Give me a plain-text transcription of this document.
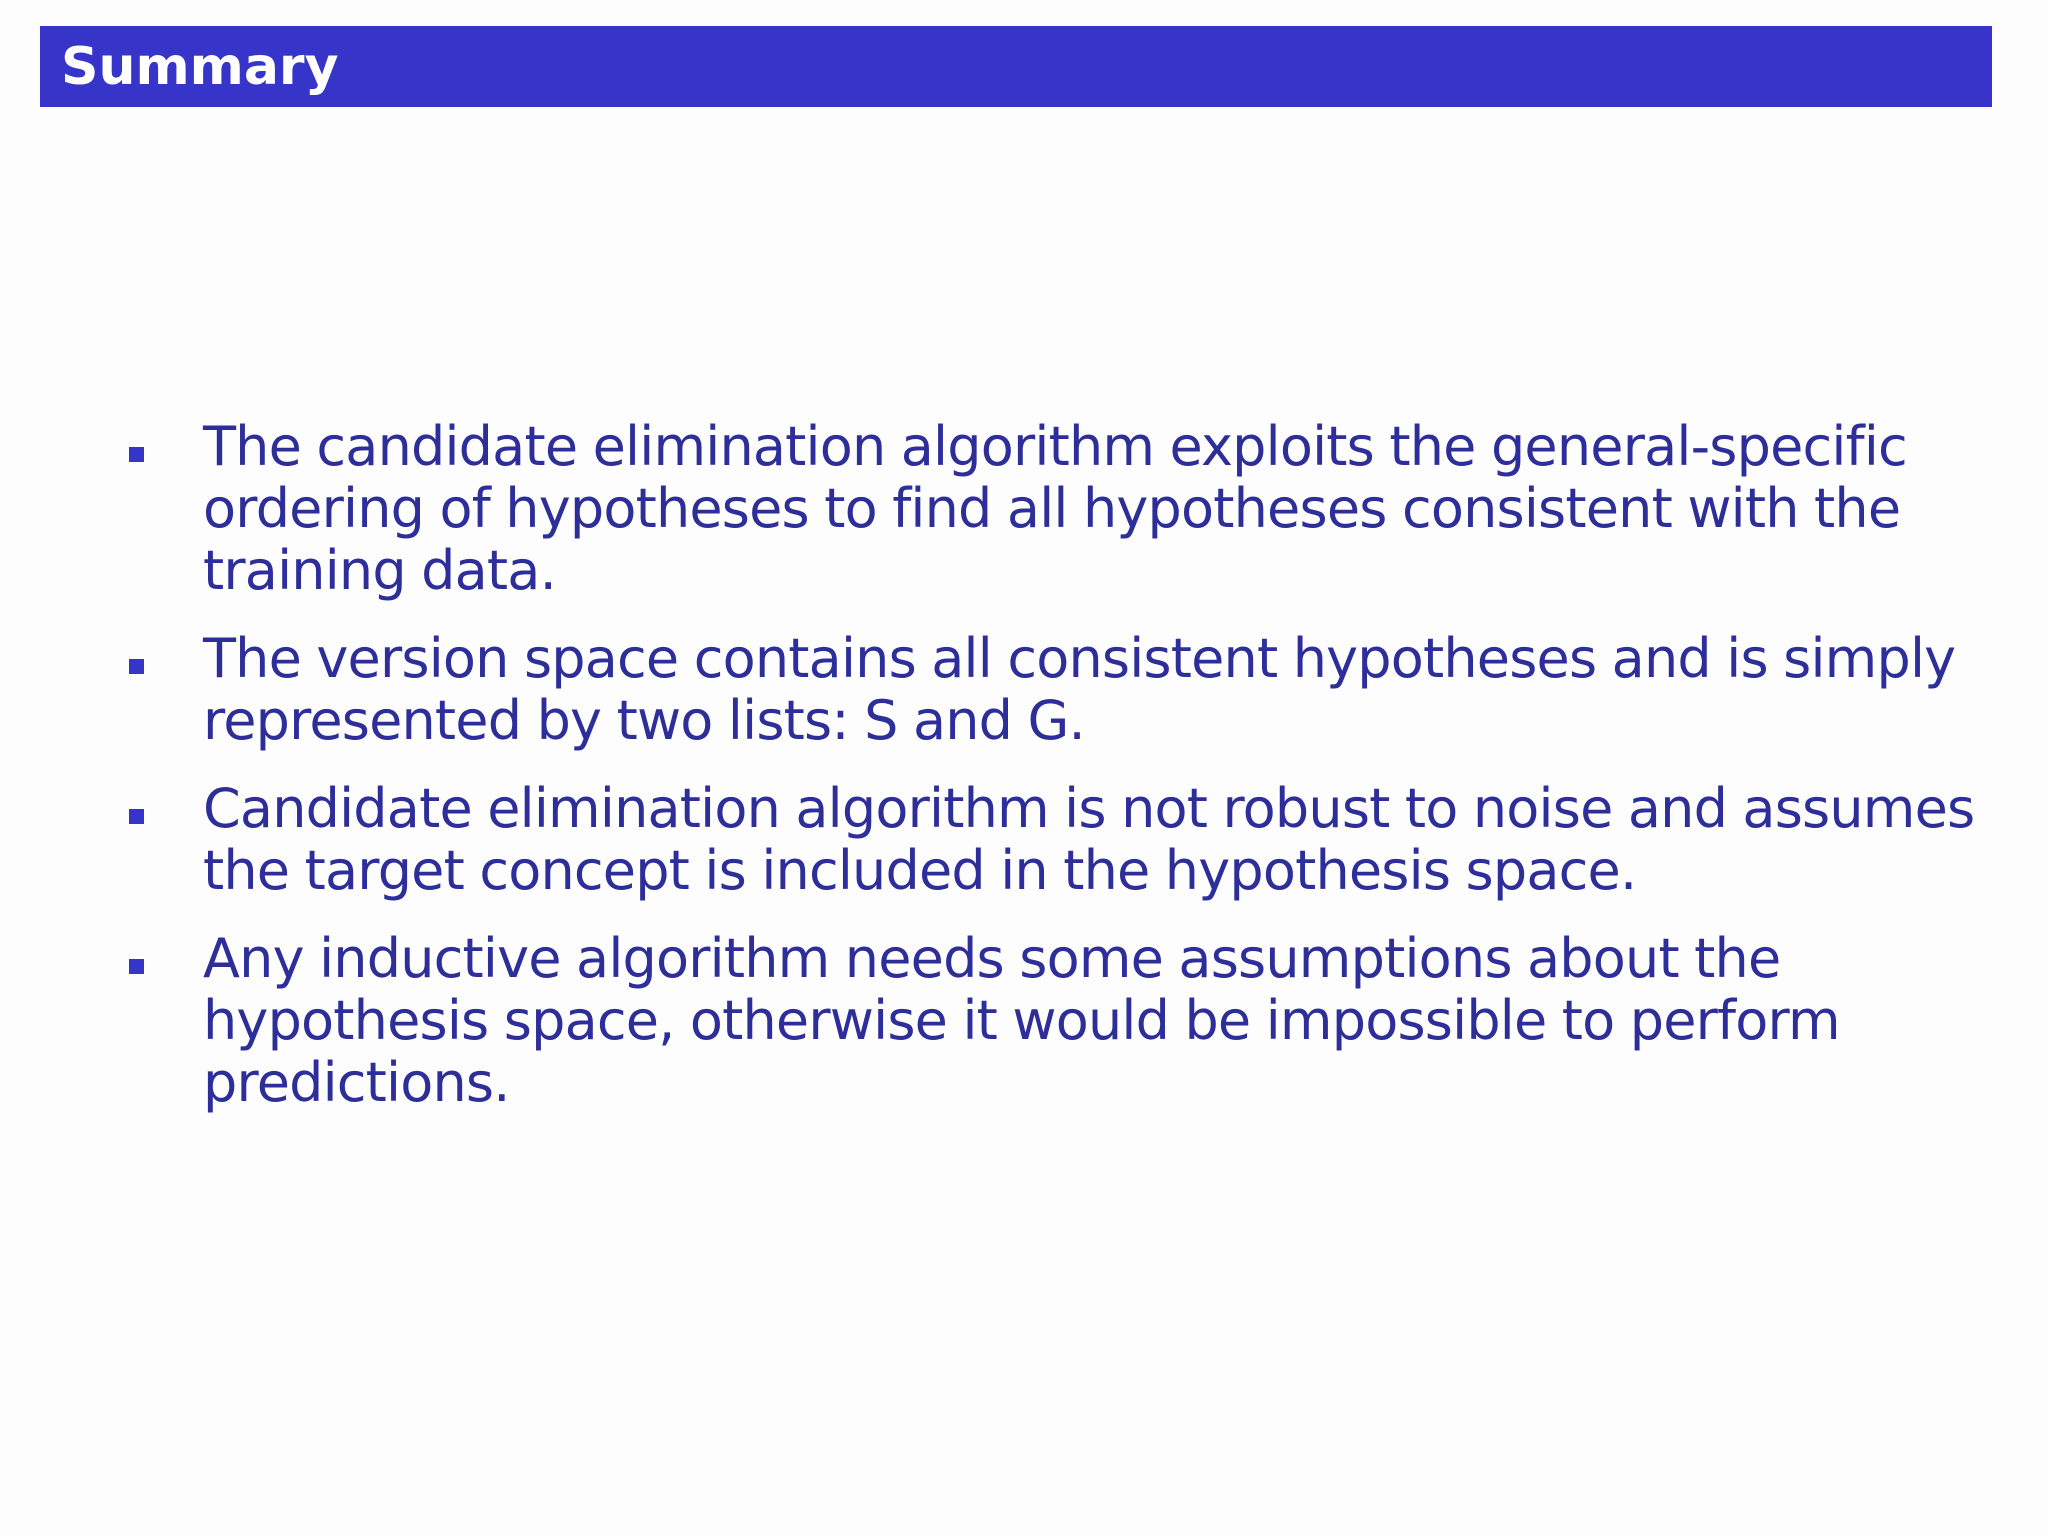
Summary
The candidate elimination algorithm exploits the general-specific
ordering of hypotheses to find all hypotheses consistent with the
training data.
The version space contains all consistent hypotheses and is simply
represented by two lists: S and G.
Candidate elimination algorithm is not robust to noise and assumes
the target concept is included in the hypothesis space.
Any inductive algorithm needs some assumptions about the
hypothesis space, otherwise it would be impossible to perform
predictions.
